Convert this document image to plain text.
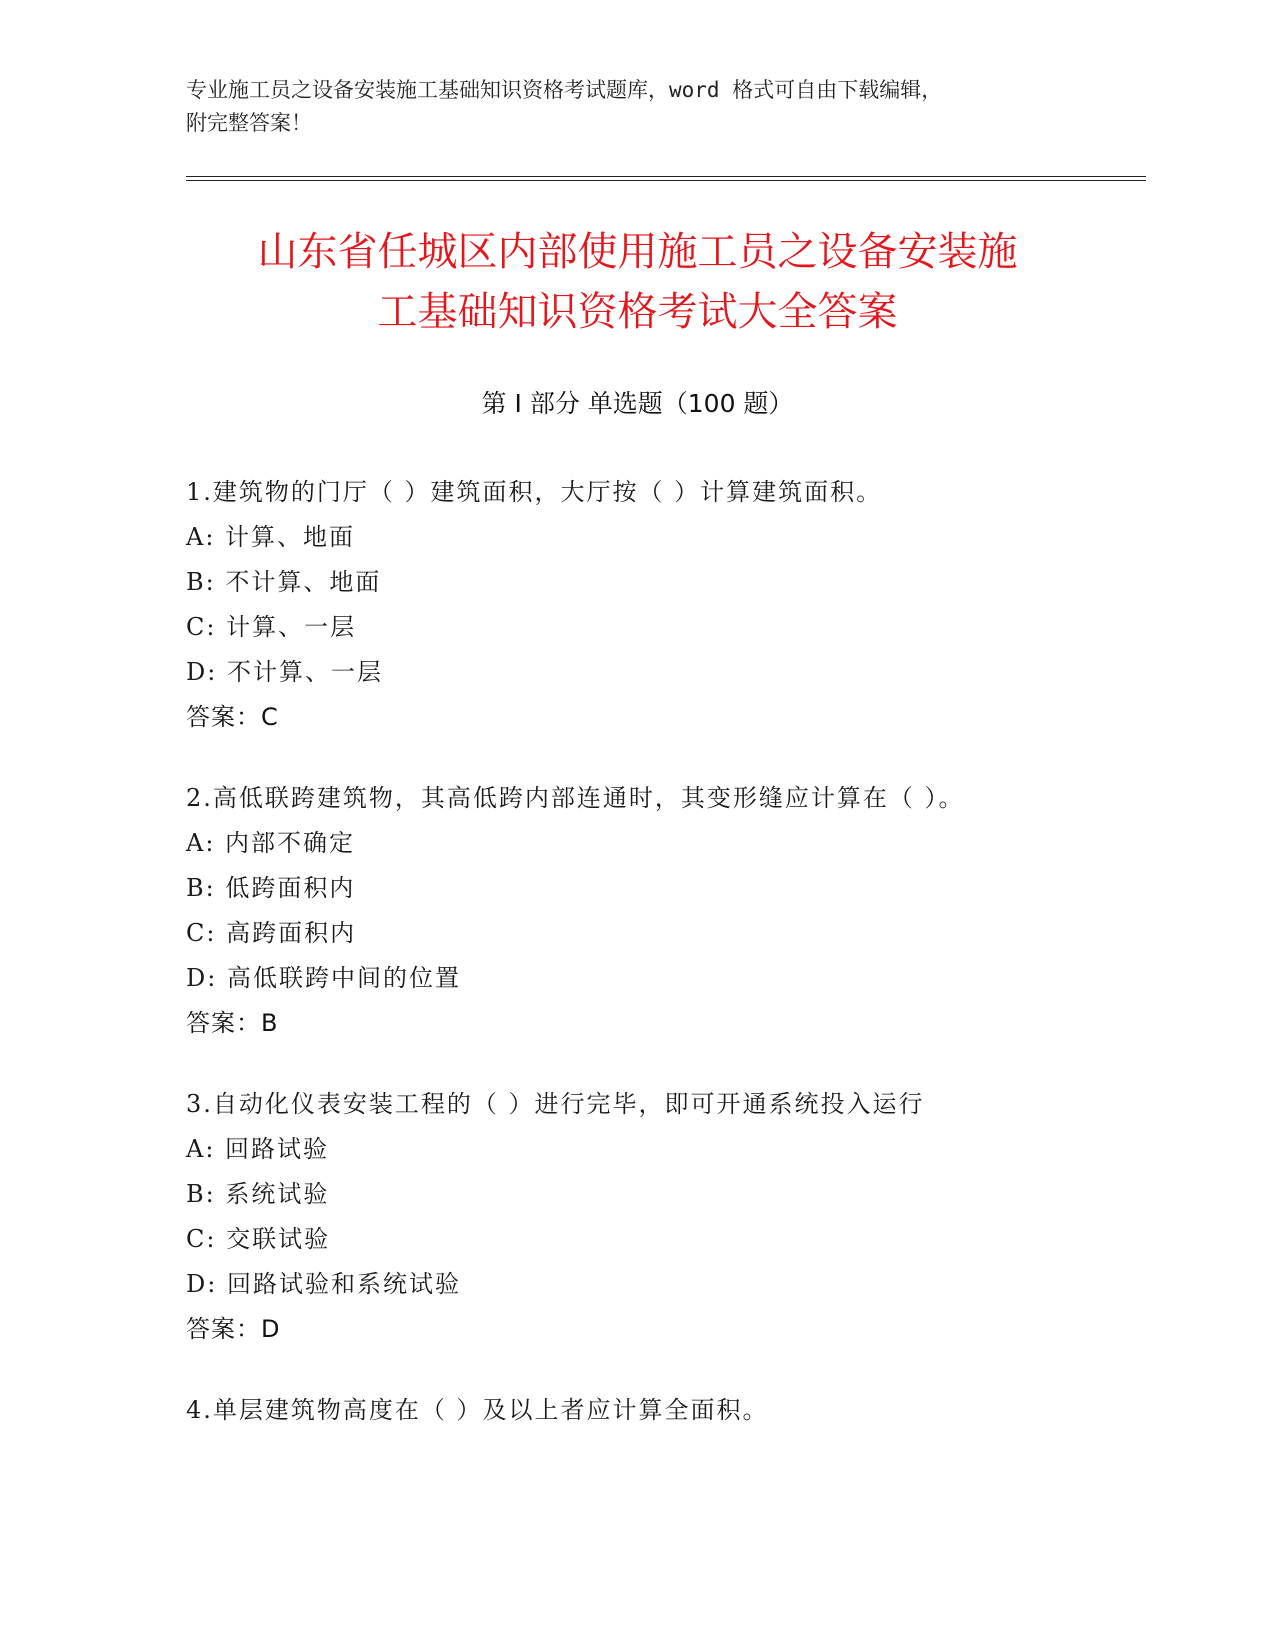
专业施工员之设备安装施工基础知识资格考试题库，word 格式可自由下载编辑，
附完整答案！
山东省任城区内部使用施工员之设备安装施
工基础知识资格考试大全答案
第 I 部分 单选题（100 题）
1.建筑物的门厅（ ）建筑面积，大厅按（ ）计算建筑面积。
A: 计算、地面
B: 不计算、地面
C: 计算、一层
D: 不计算、一层
答案：C
2.高低联跨建筑物，其高低跨内部连通时，其变形缝应计算在（ ）。
A: 内部不确定
B: 低跨面积内
C: 高跨面积内
D: 高低联跨中间的位置
答案：B
3.自动化仪表安装工程的（ ）进行完毕，即可开通系统投入运行
A: 回路试验
B: 系统试验
C: 交联试验
D: 回路试验和系统试验
答案：D
4.单层建筑物高度在（ ）及以上者应计算全面积。
